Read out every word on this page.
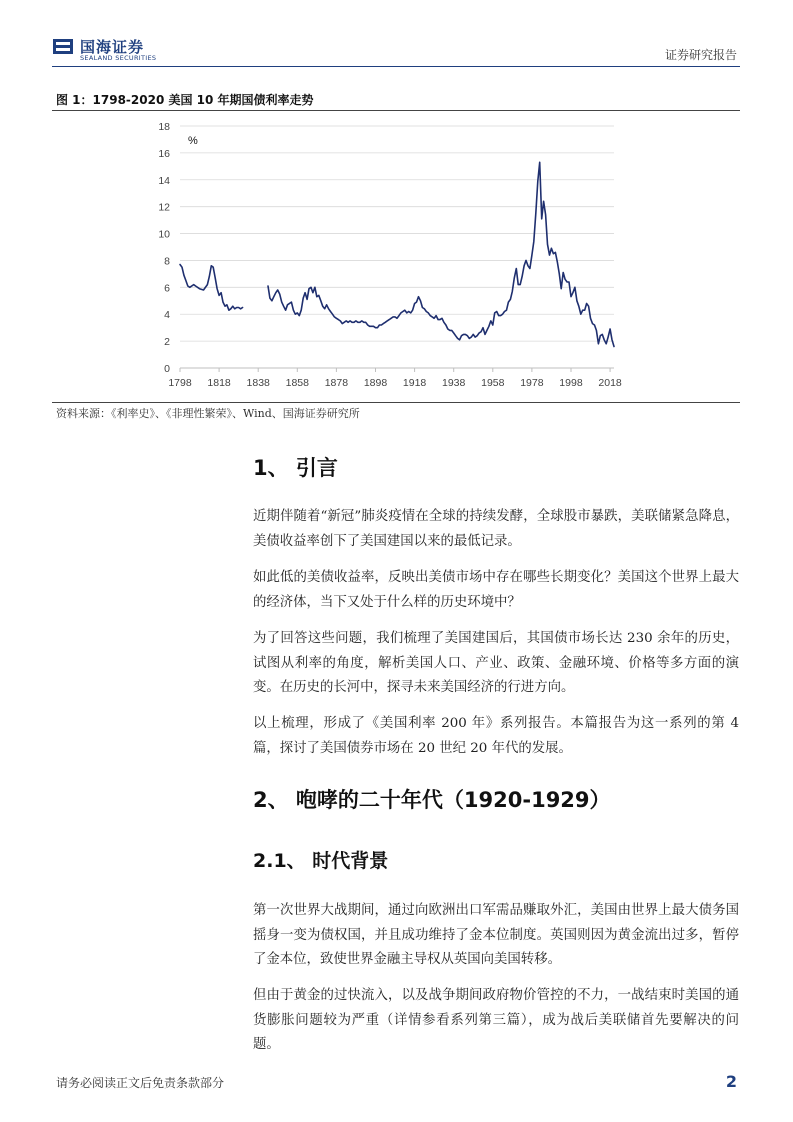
国海证券
SEALAND SECURITIES	证券研究报告
图 1：1798-2020 美国 10 年期国债利率走势
0
2
4
6
8
10
12
14
16
18
1798 1818 1838 1858 1878 1898 1918 1938 1958 1978 1998 2018
%
资料来源：《利率史》、《非理性繁荣》、Wind、国海证券研究所
1、 引言
近期伴随着“新冠”肺炎疫情在全球的持续发酵，全球股市暴跌，美联储紧急降息，美债收益率创下了美国建国以来的最低记录。
如此低的美债收益率，反映出美债市场中存在哪些长期变化？美国这个世界上最大的经济体，当下又处于什么样的历史环境中？
为了回答这些问题，我们梳理了美国建国后，其国债市场长达 230 余年的历史，试图从利率的角度，解析美国人口、产业、政策、金融环境、价格等多方面的演变。在历史的长河中，探寻未来美国经济的行进方向。
以上梳理，形成了《美国利率 200 年》系列报告。本篇报告为这一系列的第 4 篇，探讨了美国债券市场在 20 世纪 20 年代的发展。
2、 咆哮的二十年代（1920-1929）
2.1、 时代背景
第一次世界大战期间，通过向欧洲出口军需品赚取外汇，美国由世界上最大债务国摇身一变为债权国，并且成功维持了金本位制度。英国则因为黄金流出过多，暂停了金本位，致使世界金融主导权从英国向美国转移。
但由于黄金的过快流入，以及战争期间政府物价管控的不力，一战结束时美国的通货膨胀问题较为严重（详情参看系列第三篇），成为战后美联储首先要解决的问题。
请务必阅读正文后免责条款部分	2
